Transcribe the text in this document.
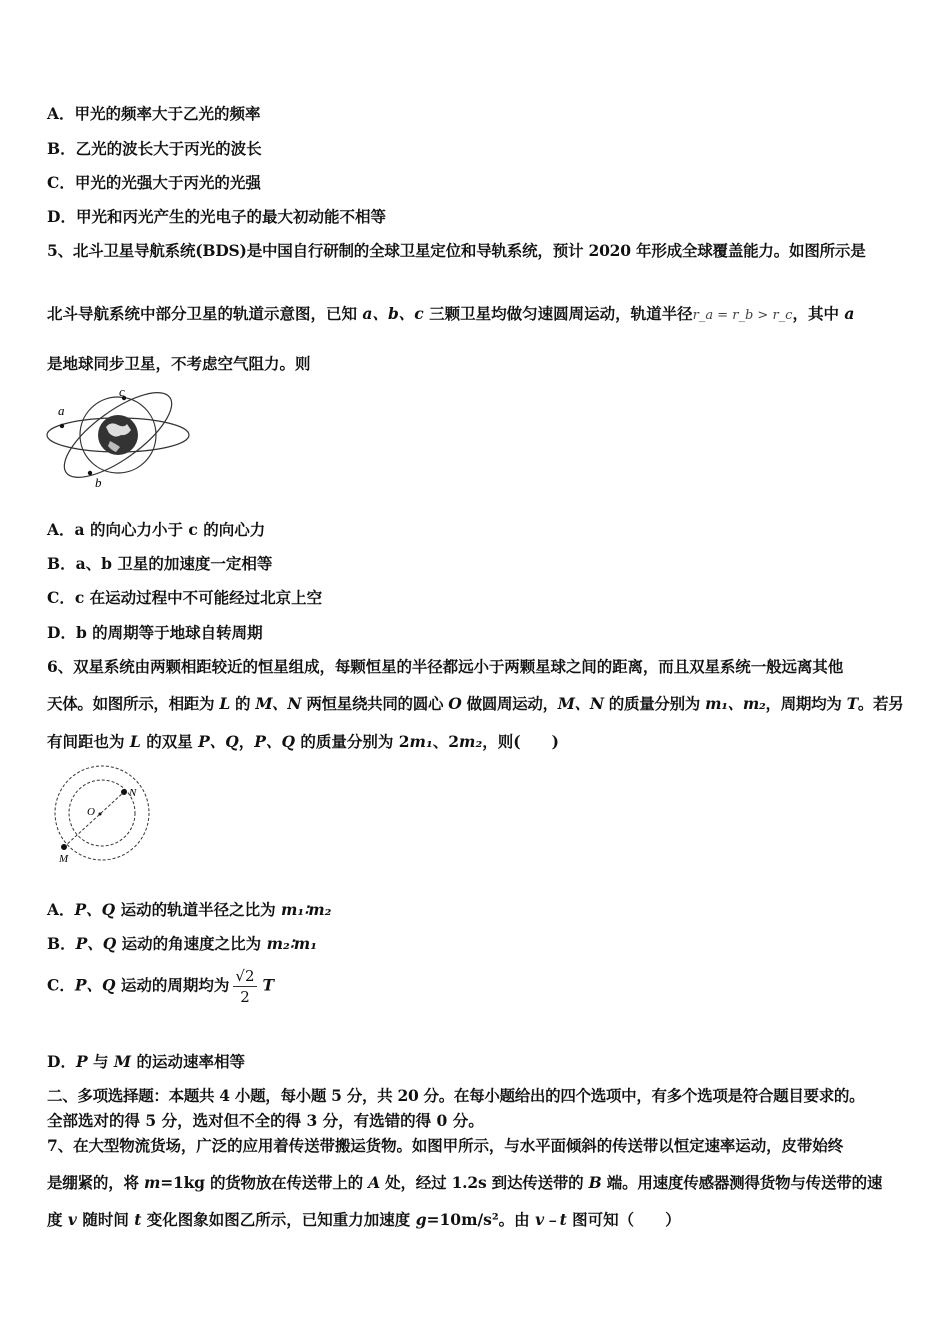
A．甲光的频率大于乙光的频率
B．乙光的波长大于丙光的波长
C．甲光的光强大于丙光的光强
D．甲光和丙光产生的光电子的最大初动能不相等
5、北斗卫星导航系统(BDS)是中国自行研制的全球卫星定位和导轨系统，预计 2020 年形成全球覆盖能力。如图所示是
北斗导航系统中部分卫星的轨道示意图，已知 a、b、c 三颗卫星均做匀速圆周运动，轨道半径r_a = r_b > r_c，其中 a
是地球同步卫星，不考虑空气阻力。则
a
c
b
A．a 的向心力小于 c 的向心力
B．a、b 卫星的加速度一定相等
C．c 在运动过程中不可能经过北京上空
D．b 的周期等于地球自转周期
6、双星系统由两颗相距较近的恒星组成，每颗恒星的半径都远小于两颗星球之间的距离，而且双星系统一般远离其他
天体。如图所示，相距为 L 的 M、N 两恒星绕共同的圆心 O 做圆周运动，M、N 的质量分别为 m₁、m₂，周期均为 T。若另
有间距也为 L 的双星 P、Q，P、Q 的质量分别为 2m₁、2m₂，则(　　)
O
N
M
A．P、Q 运动的轨道半径之比为 m₁∶m₂
B．P、Q 运动的角速度之比为 m₂∶m₁
C．P、Q 运动的周期均为 $\frac{√2}{2}$ T
D．P 与 M 的运动速率相等
二、多项选择题：本题共 4 小题，每小题 5 分，共 20 分。在每小题给出的四个选项中，有多个选项是符合题目要求的。
全部选对的得 5 分，选对但不全的得 3 分，有选错的得 0 分。
7、在大型物流货场，广泛的应用着传送带搬运货物。如图甲所示，与水平面倾斜的传送带以恒定速率运动，皮带始终
是绷紧的，将 m=1kg 的货物放在传送带上的 A 处，经过 1.2s 到达传送带的 B 端。用速度传感器测得货物与传送带的速
度 v 随时间 t 变化图象如图乙所示，已知重力加速度 g=10m/s²。由 v﹣t 图可知（　　）
